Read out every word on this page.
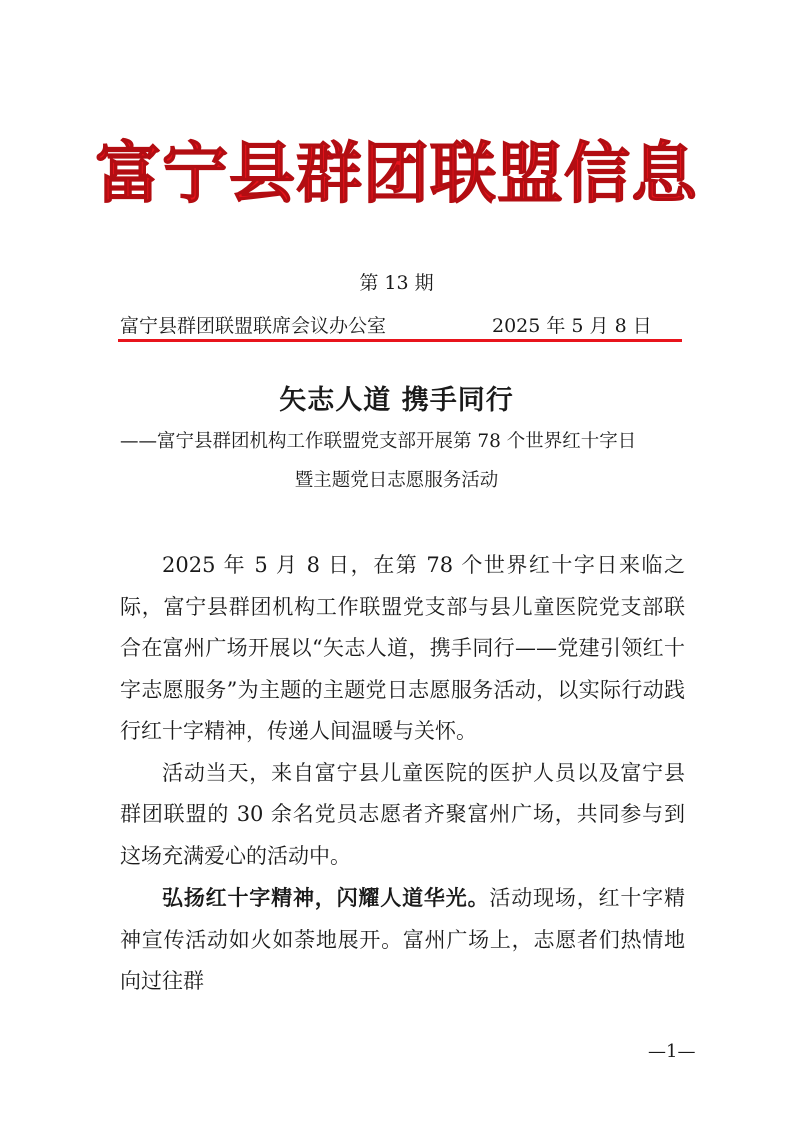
富宁县群团联盟信息
第 13 期
富宁县群团联盟联席会议办公室	2025 年 5 月 8 日
矢志人道 携手同行
——富宁县群团机构工作联盟党支部开展第 78 个世界红十字日
暨主题党日志愿服务活动

2025 年 5 月 8 日，在第 78 个世界红十字日来临之际，富宁县群团机构工作联盟党支部与县儿童医院党支部联合在富州广场开展以“矢志人道，携手同行——党建引领红十字志愿服务”为主题的主题党日志愿服务活动，以实际行动践行红十字精神，传递人间温暖与关怀。

活动当天，来自富宁县儿童医院的医护人员以及富宁县群团联盟的 30 余名党员志愿者齐聚富州广场，共同参与到这场充满爱心的活动中。

弘扬红十字精神，闪耀人道华光。活动现场，红十字精神宣传活动如火如荼地展开。富州广场上，志愿者们热情地向过往群

—1—
